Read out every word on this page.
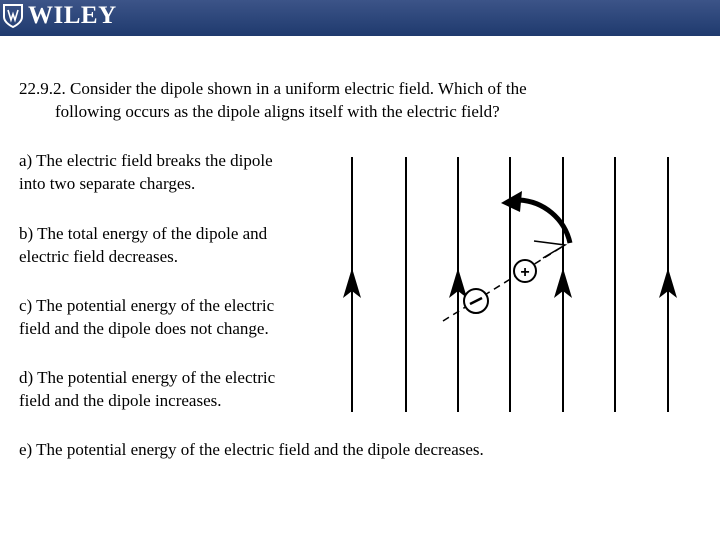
WILEY
22.9.2. Consider the dipole shown in a uniform electric field. Which of the
following occurs as the dipole aligns itself with the electric field?
a) The electric field breaks the dipole
into two separate charges.
b) The total energy of the dipole and
electric field decreases.
c) The potential energy of the electric
field and the dipole does not change.
d) The potential energy of the electric
field and the dipole increases.
e) The potential energy of the electric field and the dipole decreases.
+
